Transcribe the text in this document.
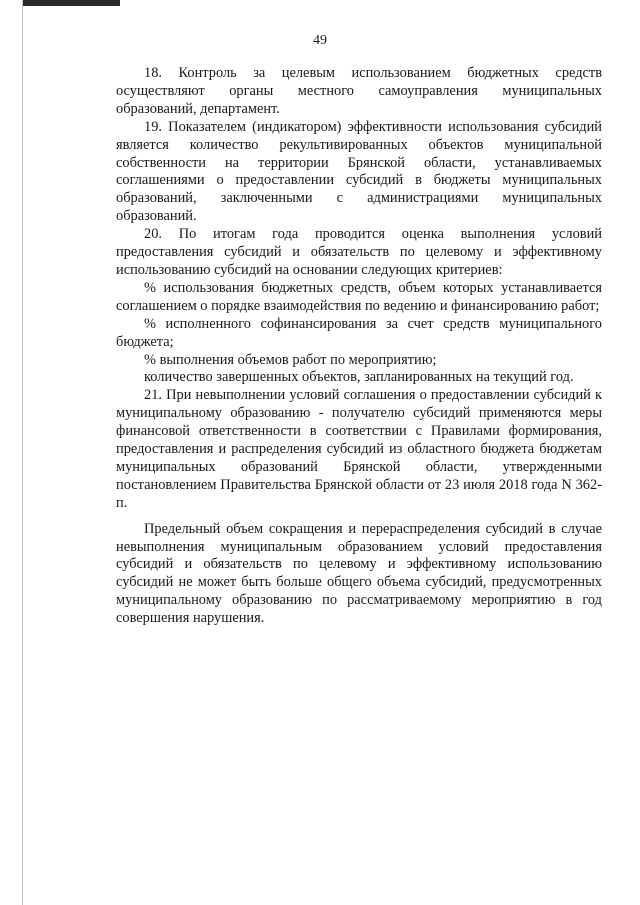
49

18. Контроль за целевым использованием бюджетных средств осуществляют органы местного самоуправления муниципальных образований, департамент.

19. Показателем (индикатором) эффективности использования субсидий является количество рекультивированных объектов муниципальной собственности на территории Брянской области, устанавливаемых соглашениями о предоставлении субсидий в бюджеты муниципальных образований, заключенными с администрациями муниципальных образований.

20. По итогам года проводится оценка выполнения условий предоставления субсидий и обязательств по целевому и эффективному использованию субсидий на основании следующих критериев:

% использования бюджетных средств, объем которых устанавливается соглашением о порядке взаимодействия по ведению и финансированию работ;

% исполненного софинансирования за счет средств муниципального бюджета;

% выполнения объемов работ по мероприятию;

количество завершенных объектов, запланированных на текущий год.

21. При невыполнении условий соглашения о предоставлении субсидий к муниципальному образованию - получателю субсидий применяются меры финансовой ответственности в соответствии с Правилами формирования, предоставления и распределения субсидий из областного бюджета бюджетам муниципальных образований Брянской области, утвержденными постановлением Правительства Брянской области от 23 июля 2018 года N 362-п.

Предельный объем сокращения и перераспределения субсидий в случае невыполнения муниципальным образованием условий предоставления субсидий и обязательств по целевому и эффективному использованию субсидий не может быть больше общего объема субсидий, предусмотренных муниципальному образованию по рассматриваемому мероприятию в год совершения нарушения.
